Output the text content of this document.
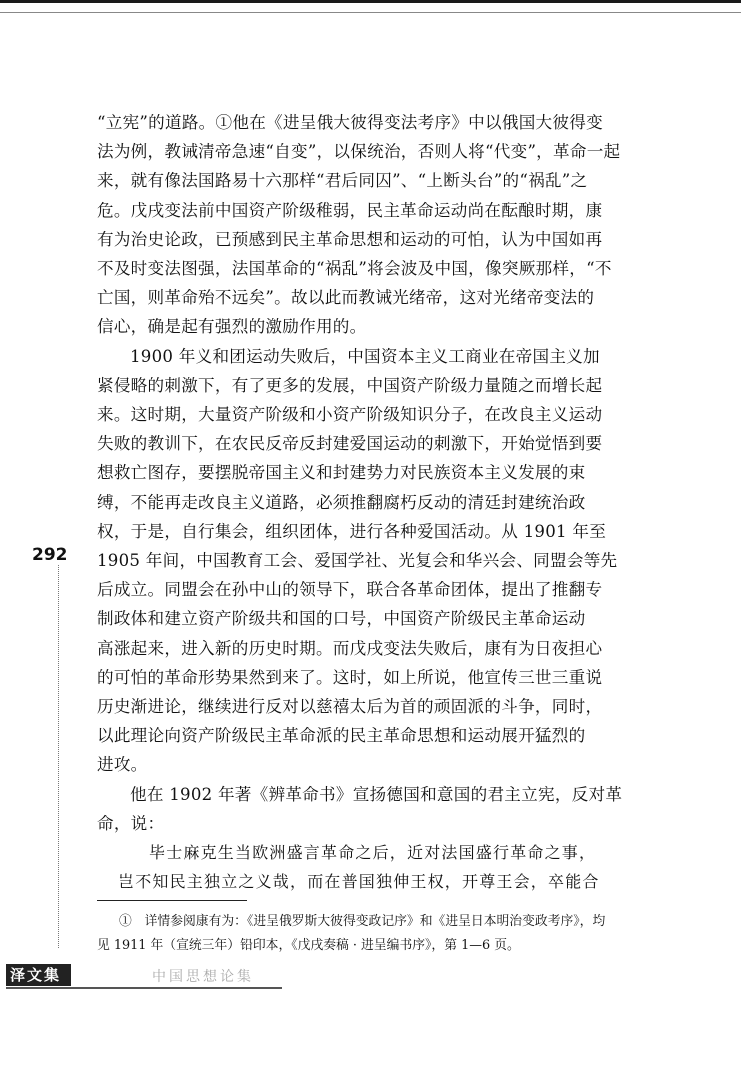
“立宪”的道路。①他在《进呈俄大彼得变法考序》中以俄国大彼得变
法为例，教诫清帝急速“自变”，以保统治，否则人将“代变”，革命一起
来，就有像法国路易十六那样“君后同囚”、“上断头台”的“祸乱”之
危。戊戌变法前中国资产阶级稚弱，民主革命运动尚在酝酿时期，康
有为治史论政，已预感到民主革命思想和运动的可怕，认为中国如再
不及时变法图强，法国革命的“祸乱”将会波及中国，像突厥那样，“不
亡国，则革命殆不远矣”。故以此而教诫光绪帝，这对光绪帝变法的
信心，确是起有强烈的激励作用的。
1900 年义和团运动失败后，中国资本主义工商业在帝国主义加
紧侵略的刺激下，有了更多的发展，中国资产阶级力量随之而增长起
来。这时期，大量资产阶级和小资产阶级知识分子，在改良主义运动
失败的教训下，在农民反帝反封建爱国运动的刺激下，开始觉悟到要
想救亡图存，要摆脱帝国主义和封建势力对民族资本主义发展的束
缚，不能再走改良主义道路，必须推翻腐朽反动的清廷封建统治政
权，于是，自行集会，组织团体，进行各种爱国活动。从 1901 年至
1905 年间，中国教育工会、爱国学社、光复会和华兴会、同盟会等先
后成立。同盟会在孙中山的领导下，联合各革命团体，提出了推翻专
制政体和建立资产阶级共和国的口号，中国资产阶级民主革命运动
高涨起来，进入新的历史时期。而戊戌变法失败后，康有为日夜担心
的可怕的革命形势果然到来了。这时，如上所说，他宣传三世三重说
历史渐进论，继续进行反对以慈禧太后为首的顽固派的斗争，同时，
以此理论向资产阶级民主革命派的民主革命思想和运动展开猛烈的
进攻。
他在 1902 年著《辨革命书》宣扬德国和意国的君主立宪，反对革
命，说：
毕士麻克生当欧洲盛言革命之后，近对法国盛行革命之事，
岂不知民主独立之义哉，而在普国独伸王权，开尊王会，卒能合
292

①　详情参阅康有为：《进呈俄罗斯大彼得变政记序》和《进呈日本明治变政考序》，均

见 1911 年（宣统三年）铅印本，《戊戌奏稿 · 进呈编书序》，第 1—6 页。

泽文集	中国思想论集
